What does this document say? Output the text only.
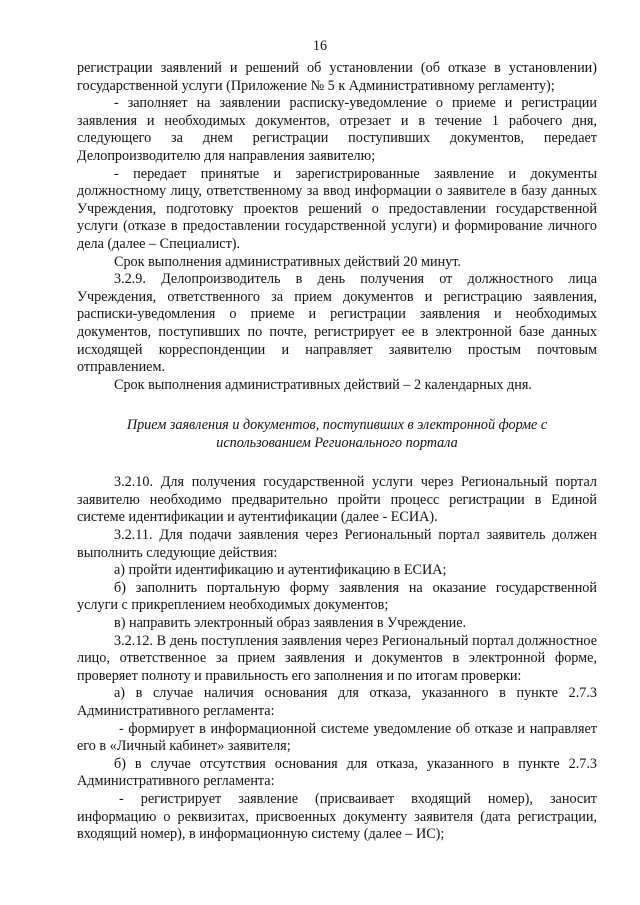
16

регистрации заявлений и решений об установлении (об отказе в установлении) государственной услуги (Приложение № 5 к Административному регламенту);

- заполняет на заявлении расписку-уведомление о приеме и регистрации заявления и необходимых документов, отрезает и в течение 1 рабочего дня, следующего за днем регистрации поступивших документов, передает Делопроизводителю для направления заявителю;

- передает принятые и зарегистрированные заявление и документы должностному лицу, ответственному за ввод информации о заявителе в базу данных Учреждения, подготовку проектов решений о предоставлении государственной услуги (отказе в предоставлении государственной услуги) и формирование личного дела (далее – Специалист).

Срок выполнения административных действий 20 минут.

3.2.9. Делопроизводитель в день получения от должностного лица Учреждения, ответственного за прием документов и регистрацию заявления, расписки-уведомления о приеме и регистрации заявления и необходимых документов, поступивших по почте, регистрирует ее в электронной базе данных исходящей корреспонденции и направляет заявителю простым почтовым отправлением.

Срок выполнения административных действий – 2 календарных дня.

Прием заявления и документов, поступивших в электронной форме с использованием Регионального портала

3.2.10. Для получения государственной услуги через Региональный портал заявителю необходимо предварительно пройти процесс регистрации в Единой системе идентификации и аутентификации (далее - ЕСИА).

3.2.11. Для подачи заявления через Региональный портал заявитель должен выполнить следующие действия:

а) пройти идентификацию и аутентификацию в ЕСИА;

б) заполнить портальную форму заявления на оказание государственной услуги с прикреплением необходимых документов;

в) направить электронный образ заявления в Учреждение.

3.2.12. В день поступления заявления через Региональный портал должностное лицо, ответственное за прием заявления и документов в электронной форме, проверяет полноту и правильность его заполнения и по итогам проверки:

а) в случае наличия основания для отказа, указанного в пункте 2.7.3 Административного регламента:

- формирует в информационной системе уведомление об отказе и направляет его в «Личный кабинет» заявителя;

б) в случае отсутствия основания для отказа, указанного в пункте 2.7.3 Административного регламента:

- регистрирует заявление (присваивает входящий номер), заносит информацию о реквизитах, присвоенных документу заявителя (дата регистрации, входящий номер), в информационную систему (далее – ИС);
